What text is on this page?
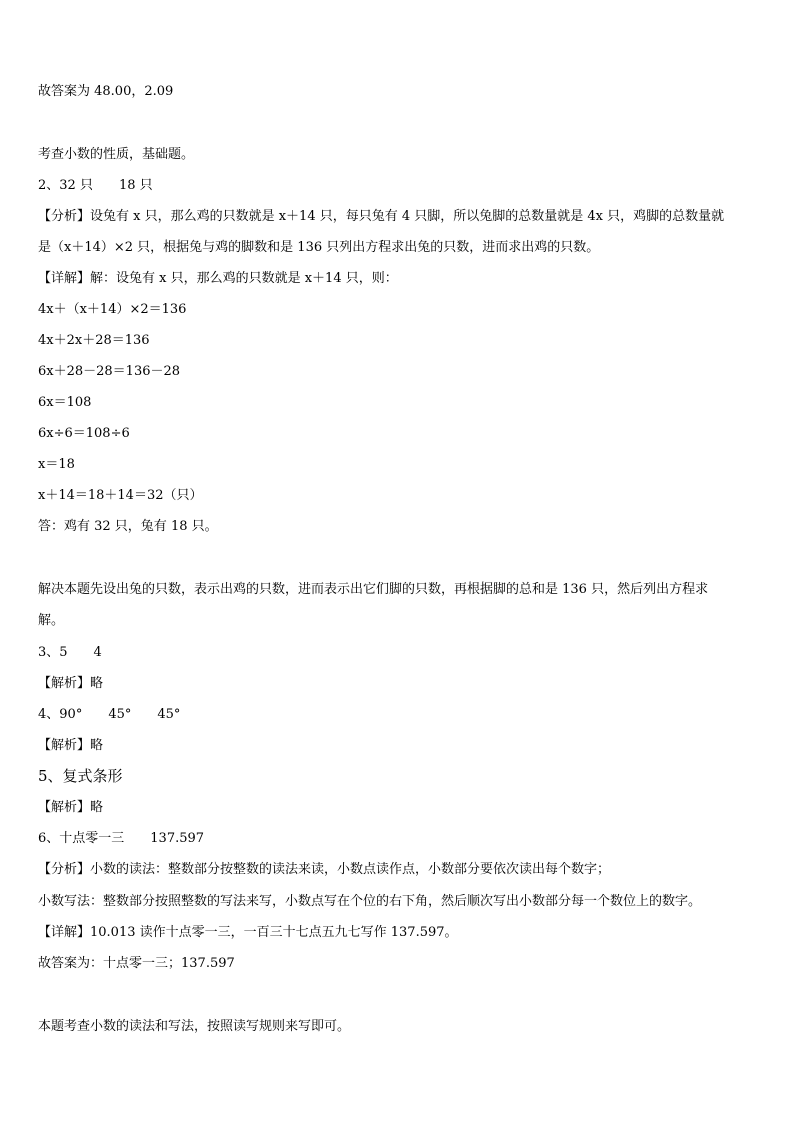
故答案为 48.00，2.09
考查小数的性质，基础题。
2、32 只　　18 只
【分析】设兔有 x 只，那么鸡的只数就是 x＋14 只，每只兔有 4 只脚，所以兔脚的总数量就是 4x 只，鸡脚的总数量就
是（x＋14）×2 只，根据兔与鸡的脚数和是 136 只列出方程求出兔的只数，进而求出鸡的只数。
【详解】解：设兔有 x 只，那么鸡的只数就是 x＋14 只，则：
4x＋（x＋14）×2＝136
4x＋2x＋28＝136
6x＋28－28＝136－28
6x＝108
6x÷6＝108÷6
x＝18
x＋14＝18＋14＝32（只）
答：鸡有 32 只，兔有 18 只。
解决本题先设出兔的只数，表示出鸡的只数，进而表示出它们脚的只数，再根据脚的总和是 136 只，然后列出方程求
解。
3、5　　4
【解析】略
4、90°　　45°　　45°
【解析】略
5、复式条形
【解析】略
6、十点零一三　　137.597
【分析】小数的读法：整数部分按整数的读法来读，小数点读作点，小数部分要依次读出每个数字；
小数写法：整数部分按照整数的写法来写，小数点写在个位的右下角，然后顺次写出小数部分每一个数位上的数字。
【详解】10.013 读作十点零一三，一百三十七点五九七写作 137.597。
故答案为：十点零一三；137.597
本题考查小数的读法和写法，按照读写规则来写即可。
